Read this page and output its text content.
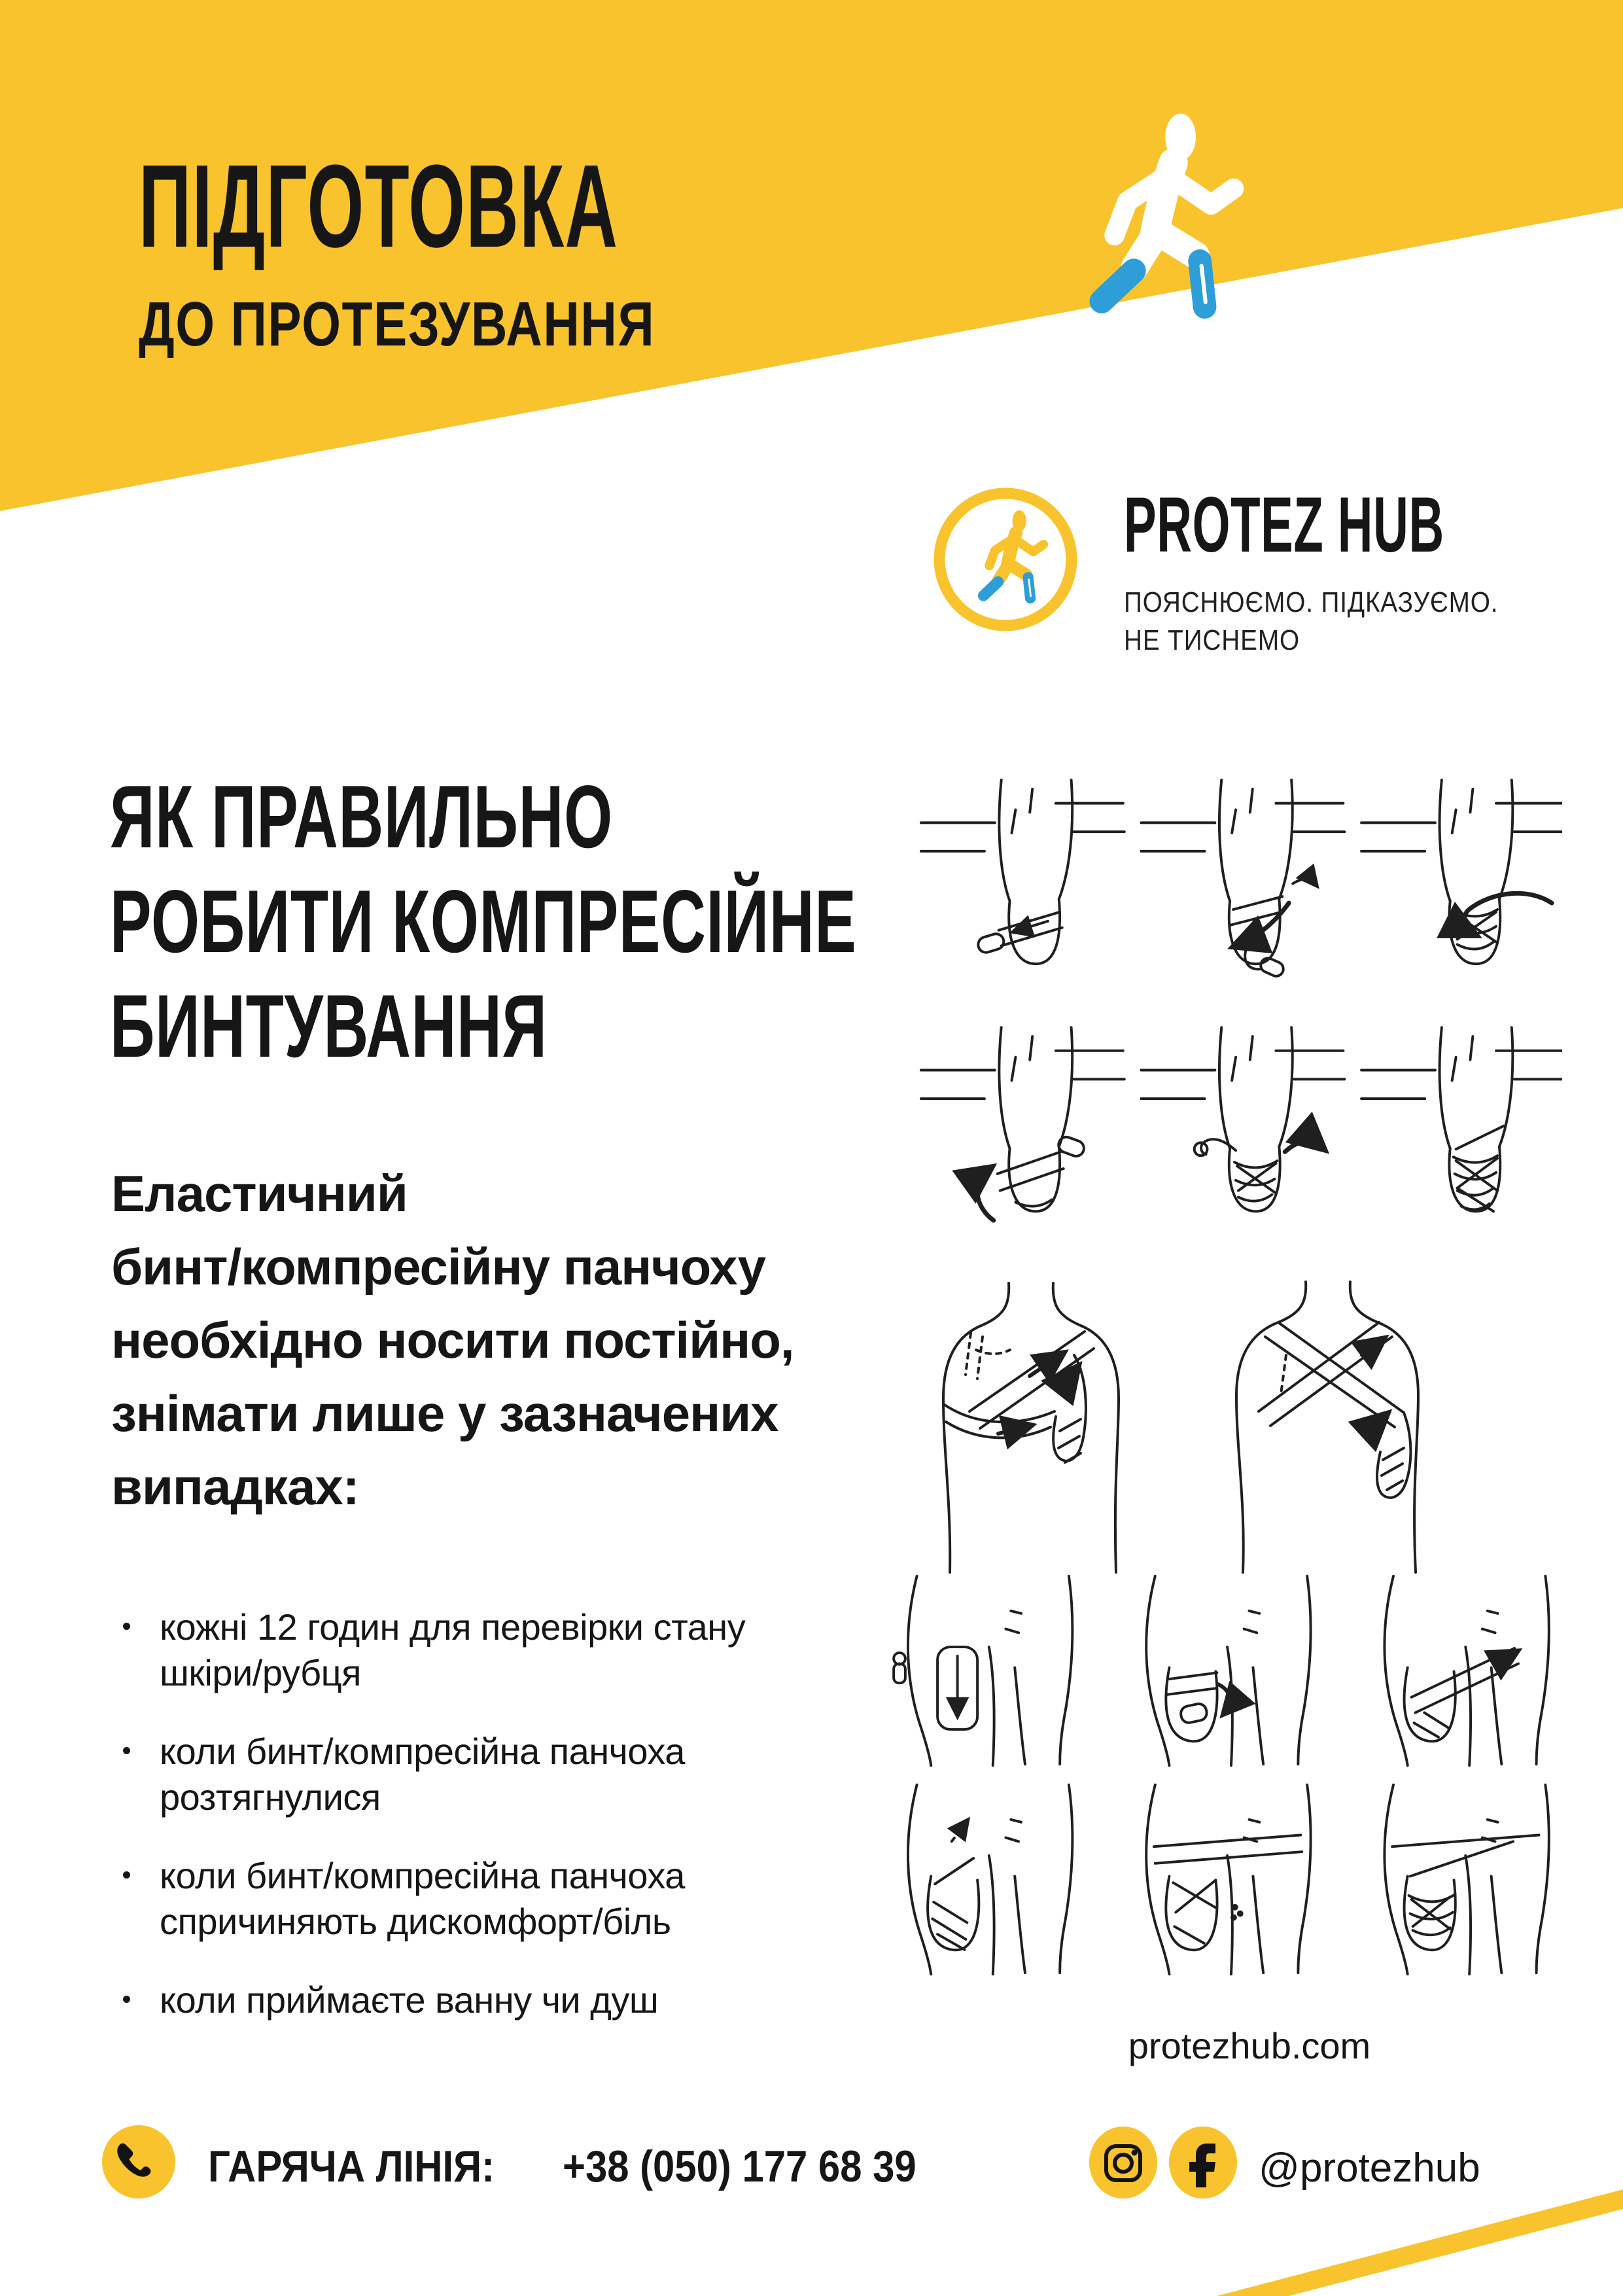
ПІДГОТОВКА
ДО ПРОТЕЗУВАННЯ
PROTEZ HUB
ПОЯСНЮЄМО. ПІДКАЗУЄМО.
НЕ ТИСНЕМО
ЯК ПРАВИЛЬНО
РОБИТИ КОМПРЕСІЙНЕ
БИНТУВАННЯ
Еластичний
бинт/компресійну панчоху
необхідно носити постійно,
знімати лише у зазначених
випадках:
кожні 12 годин для перевірки стану шкіри/рубця
коли бинт/компресійна панчоха розтягнулися
коли бинт/компресійна панчоха спричиняють дискомфорт/біль
коли приймаєте ванну чи душ
protezhub.com
ГАРЯЧА ЛІНІЯ: +38 (050) 177 68 39	@protezhub
